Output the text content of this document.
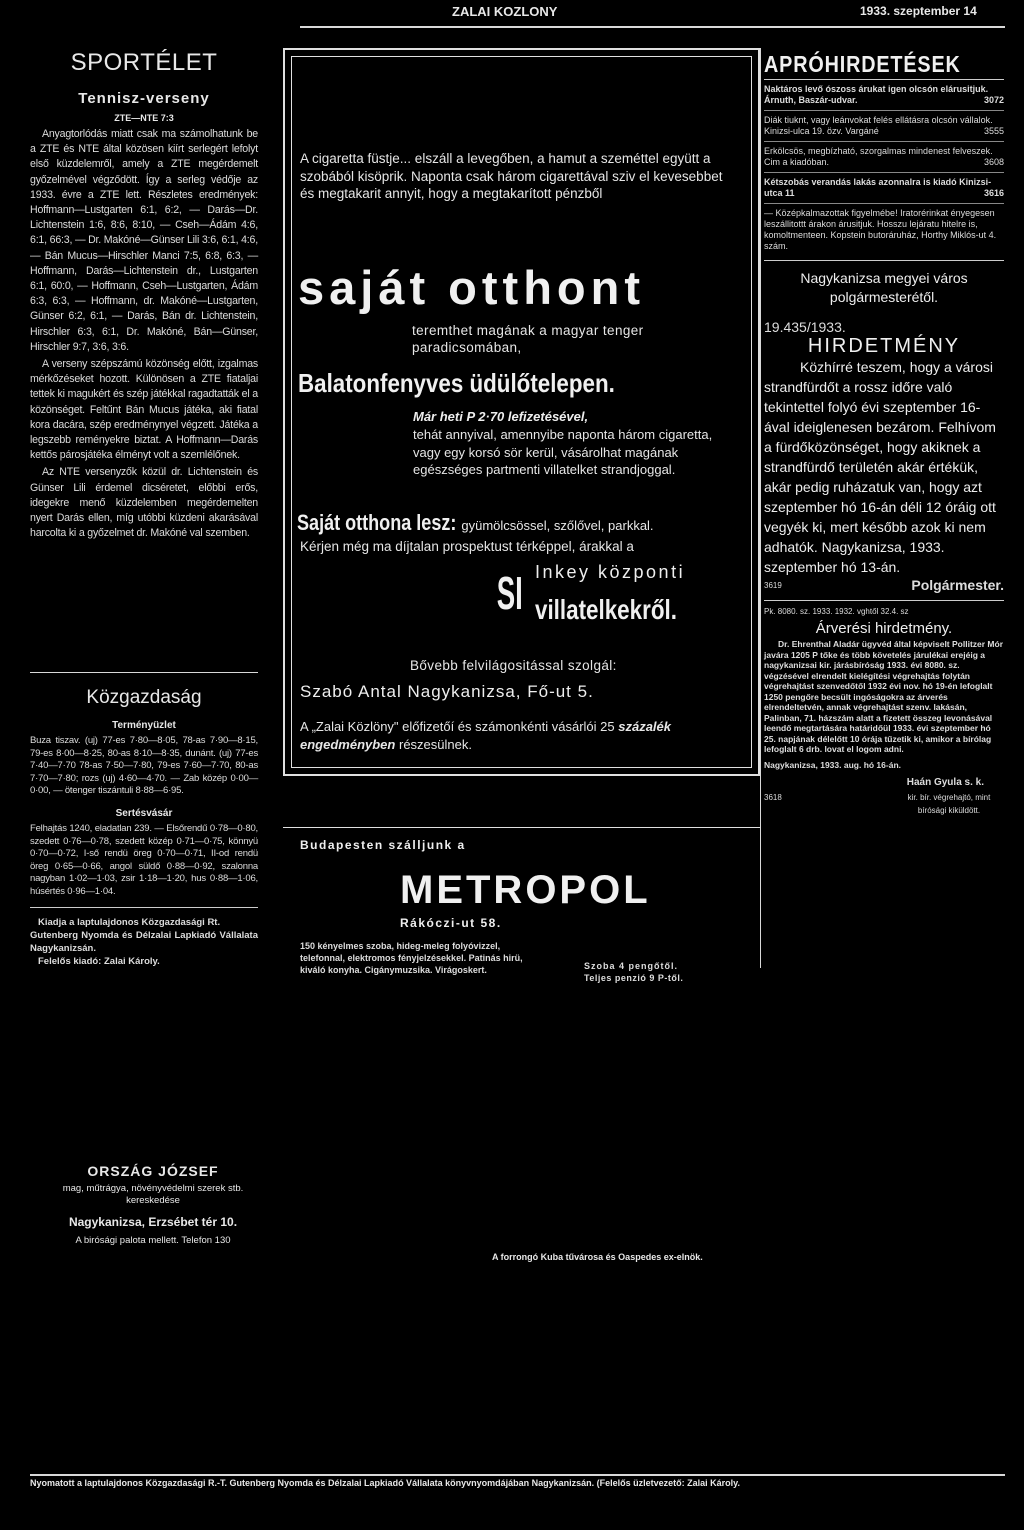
ZALAI KOZLONY	1933. szeptember 14
SPORTÉLET
Tennisz-verseny
ZTE—NTE 7:3

Anyagtorlódás miatt csak ma számolhatunk be a ZTE és NTE által közösen kiírt serlegért lefolyt első küzdelemről, amely a ZTE megérdemelt győzelmével végződött. Így a serleg védője az 1933. évre a ZTE lett. Részletes eredmények: Hoffmann—Lustgarten 6:1, 6:2, — Darás—Dr. Lichtenstein 1:6, 8:6, 8:10, — Cseh—Ádám 4:6, 6:1, 66:3, — Dr. Makóné—Günser Lili 3:6, 6:1, 4:6, — Bán Mucus—Hirschler Manci 7:5, 6:8, 6:3, — Hoffmann, Darás—Lichtenstein dr., Lustgarten 6:1, 60:0, — Hoffmann, Cseh—Lustgarten, Ádám 6:3, 6:3, — Hoffmann, dr. Makóné—Lustgarten, Günser 6:2, 6:1, — Darás, Bán dr. Lichtenstein, Hirschler 6:3, 6:1, Dr. Makóné, Bán—Günser, Hirschler 9:7, 3:6, 3:6.

A verseny szépszámú közönség előtt, izgalmas mérkőzéseket hozott. Különösen a ZTE fiataljai tettek ki magukért és szép játékkal ragadtatták el a közönséget. Feltűnt Bán Mucus játéka, aki fiatal kora dacára, szép eredménynyel végzett. Játéka a legszebb reményekre biztat. A Hoffmann—Darás kettős párosjátéka élményt volt a szemlélőnek.

Az NTE versenyzők közül dr. Lichtenstein és Günser Lili érdemel dicséretet, előbbi erős, idegekre menő küzdelemben megérdemelten nyert Darás ellen, míg utóbbi küzdeni akarásával harcolta ki a győzelmet dr. Makóné val szemben.

Közgazdaság
Terményüzlet

Buza tiszav. (uj) 77-es 7·80—8·05, 78-as 7·90—8·15, 79-es 8·00—8·25, 80-as 8·10—8·35, dunánt. (uj) 77-es 7·40—7·70 78-as 7·50—7·80, 79-es 7·60—7·70, 80-as 7·70—7·80; rozs (uj) 4·60—4·70. — Zab közép 0·00—0·00, — ötenger tiszántuli 8·88—6·95.

Sertésvásár

Felhajtás 1240, eladatlan 239. — Elsőrendű 0·78—0·80, szedett 0·76—0·78, szedett közép 0·71—0·75, könnyü 0·70—0·72, I-ső rendü öreg 0·70—0·71, II-od rendü öreg 0·65—0·66, angol süldő 0·88—0·92, szalonna nagyban 1·02—1·03, zsir 1·18—1·20, hus 0·88—1·06, húsértés 0·96—1·04.

Kiadja a laptulajdonos Közgazdasági Rt.

Gutenberg Nyomda és Délzalai Lapkiadó Vállalata Nagykanizsán.

Felelős kiadó: Zalai Károly.

A cigaretta füstje... elszáll a levegőben, a hamut a szeméttel együtt a szobából kisöprik. Naponta csak három cigarettával sziv el kevesebbet és megtakarit annyit, hogy a megtakarított pénzből
saját otthont
teremthet magának a magyar tenger paradicsomában,
Balatonfenyves üdülőtelepen.
Már heti P 2·70 lefizetésével,
tehát annyival, amennyibe naponta három cigaretta, vagy egy korsó sör kerül, vásárolhat magának egészséges partmenti villatelket strandjoggal.
Saját otthona lesz: gyümölcsössel, szőlővel, parkkal.
Kérjen még ma díjtalan prospektust térképpel, árakkal a
SI Inkey központi
villatelkekről.
Bővebb felvilágositással szolgál:
Szabó Antal Nagykanizsa, Fő-ut 5.
A „Zalai Közlöny" előfizetőí és számonkénti vásárlói 25 százalék engedményben részesülnek.
Budapesten szálljunk a
METROPOL
Rákóczi-ut 58.
150 kényelmes szoba, hideg-meleg folyóvizzel, telefonnal, elektromos fényjelzésekkel. Patinás hirü, kiváló konyha. Cigánymuzsika. Virágoskert.	Szoba 4 pengőtől.
Teljes penzió 9 P-től.
ORSZÁG JÓZSEF
mag, műtrágya, növényvédelmi szerek stb. kereskedése
Nagykanizsa, Erzsébet tér 10.
A birósági palota mellett. Telefon 130
A forrongó Kuba tűvárosa és Oaspedes ex-elnök.
Nyomatott a laptulajdonos Közgazdasági R.-T. Gutenberg Nyomda és Délzalai Lapkiadó Vállalata könyvnyomdájában Nagykanizsán. (Felelős üzletvezető: Zalai Károly.
APRÓHIRDETÉSEK
Naktáros levő ószoss árukat igen olcsón elárusitjuk. Árnuth, Baszár-udvar.	3072
Diák tiuknt, vagy leánvokat felés ellátásra olcsón vállalok. Kinizsi-ulca 19. özv. Vargáné	3555
Erkölcsös, megbízható, szorgalmas mindenest felveszek. Cim a kiadóban.	3608
Kétszobás verandás lakás azonnalra is kiadó Kinizsi-utca 11	3616
— Középkalmazottak figyelmébe! Iratorérinkat ényegesen leszállitottt árakon árusitjuk. Hosszu lejáratu hitelre is, komoltmenteen. Kopstein butoráruház, Horthy Miklós-ut 4. szám.
Nagykanizsa megyei város polgármesterétől.
19.435/1933.
HIRDETMÉNY

Közhírré teszem, hogy a városi strandfürdőt a rossz időre való tekintettel folyó évi szeptember 16-ával ideiglenesen bezárom. Felhívom a fürdőközönséget, hogy akiknek a strandfürdő területén akár értékük, akár pedig ruházatuk van, hogy azt szeptember hó 16-án déli 12 óráig ott vegyék ki, mert később azok ki nem adhatók. Nagykanizsa, 1933. szeptember hó 13-án.

3619	Polgármester.
Pk. 8080. sz. 1933. 1932. vghtől 32.4. sz
Árverési hirdetmény.

Dr. Ehrenthal Aladár ügyvéd által képviselt Pollitzer Mór javára 1205 P tőke és több követelés járulékai erejéig a nagykanizsai kir. járásbíróság 1933. évi 8080. sz. végzésével elrendelt kielégítési végrehajtás folytán végrehajtást szenvedőtől 1932 évi nov. hó 19-én lefoglalt 1250 pengőre becsült ingóságokra az árverés elrendeltetvén, annak végrehajtást szenv. lakásán, Palinban, 71. házszám alatt a fizetett összeg levonásával leendő megtartására határidőül 1933. évi szeptember hó 25. napjának délelőtt 10 órája tűzetik ki, amikor a bírólag lefoglalt 6 drb. lovat el logom adni.

Nagykanizsa, 1933. aug. hó 16-án.
Haán Gyula s. k.
3618	kir. bír. végrehajtó, mint bírósági kiküldött.
